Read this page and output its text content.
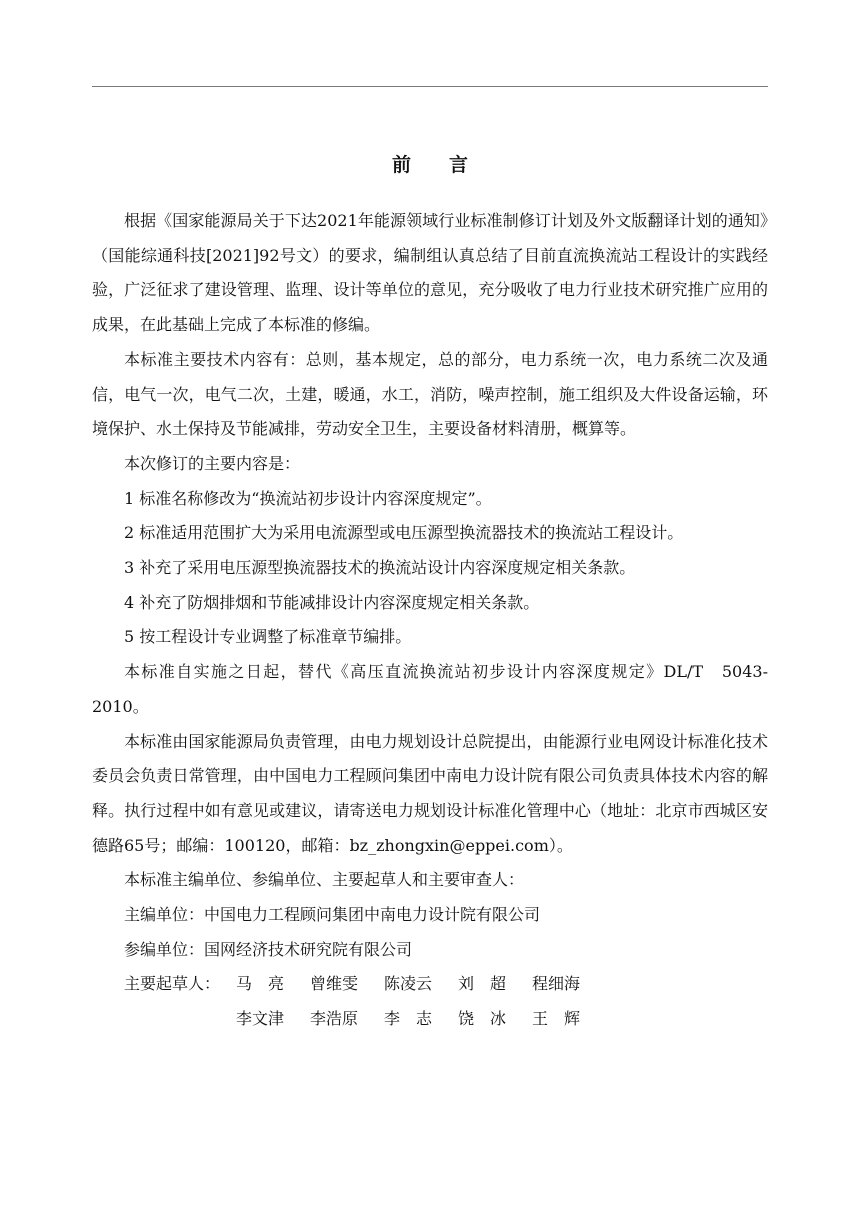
前　　言

根据《国家能源局关于下达2021年能源领域行业标准制修订计划及外文版翻译计划的通知》（国能综通科技[2021]92号文）的要求，编制组认真总结了目前直流换流站工程设计的实践经验，广泛征求了建设管理、监理、设计等单位的意见，充分吸收了电力行业技术研究推广应用的成果，在此基础上完成了本标准的修编。

本标准主要技术内容有：总则，基本规定，总的部分，电力系统一次，电力系统二次及通信，电气一次，电气二次，土建，暖通，水工，消防，噪声控制，施工组织及大件设备运输，环境保护、水土保持及节能减排，劳动安全卫生，主要设备材料清册，概算等。

本次修订的主要内容是：

1 标准名称修改为“换流站初步设计内容深度规定”。

2 标准适用范围扩大为采用电流源型或电压源型换流器技术的换流站工程设计。

3 补充了采用电压源型换流器技术的换流站设计内容深度规定相关条款。

4 补充了防烟排烟和节能减排设计内容深度规定相关条款。

5 按工程设计专业调整了标准章节编排。

本标准自实施之日起，替代《高压直流换流站初步设计内容深度规定》DL/T　5043-2010。

本标准由国家能源局负责管理，由电力规划设计总院提出，由能源行业电网设计标准化技术委员会负责日常管理，由中国电力工程顾问集团中南电力设计院有限公司负责具体技术内容的解释。执行过程中如有意见或建议，请寄送电力规划设计标准化管理中心（地址：北京市西城区安德路65号；邮编：100120，邮箱：bz_zhongxin@eppei.com）。

本标准主编单位、参编单位、主要起草人和主要审查人：

主编单位： 中国电力工程顾问集团中南电力设计院有限公司
参编单位： 国网经济技术研究院有限公司
主要起草人： 马　亮	曾维雯	陈凌云	刘　超	程细海
李文津	李浩原	李　志	饶　冰	王　辉
